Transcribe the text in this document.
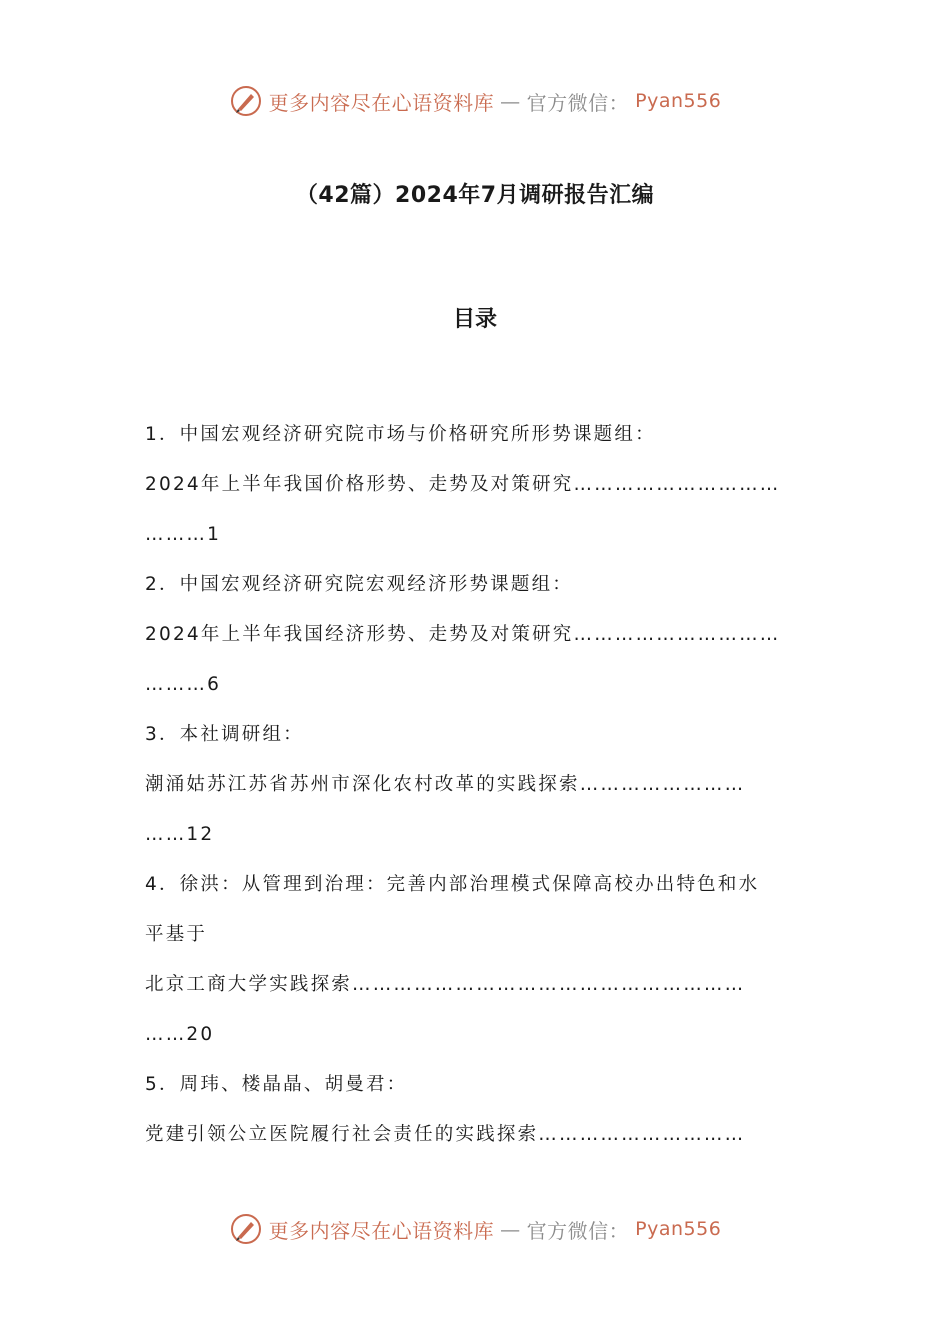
更多内容尽在心语资料库 — 官方微信： Pyan556
（42篇）2024年7月调研报告汇编
目录
1．中国宏观经济研究院市场与价格研究所形势课题组：
2024年上半年我国价格形势、走势及对策研究…………………………
………1
2．中国宏观经济研究院宏观经济形势课题组：
2024年上半年我国经济形势、走势及对策研究…………………………
………6
3．本社调研组：
潮涌姑苏江苏省苏州市深化农村改革的实践探索……………………
……12
4．徐洪：从管理到治理：完善内部治理模式保障高校办出特色和水
平基于
北京工商大学实践探索…………………………………………………
……20
5．周玮、楼晶晶、胡曼君：
党建引领公立医院履行社会责任的实践探索…………………………
更多内容尽在心语资料库 — 官方微信： Pyan556
